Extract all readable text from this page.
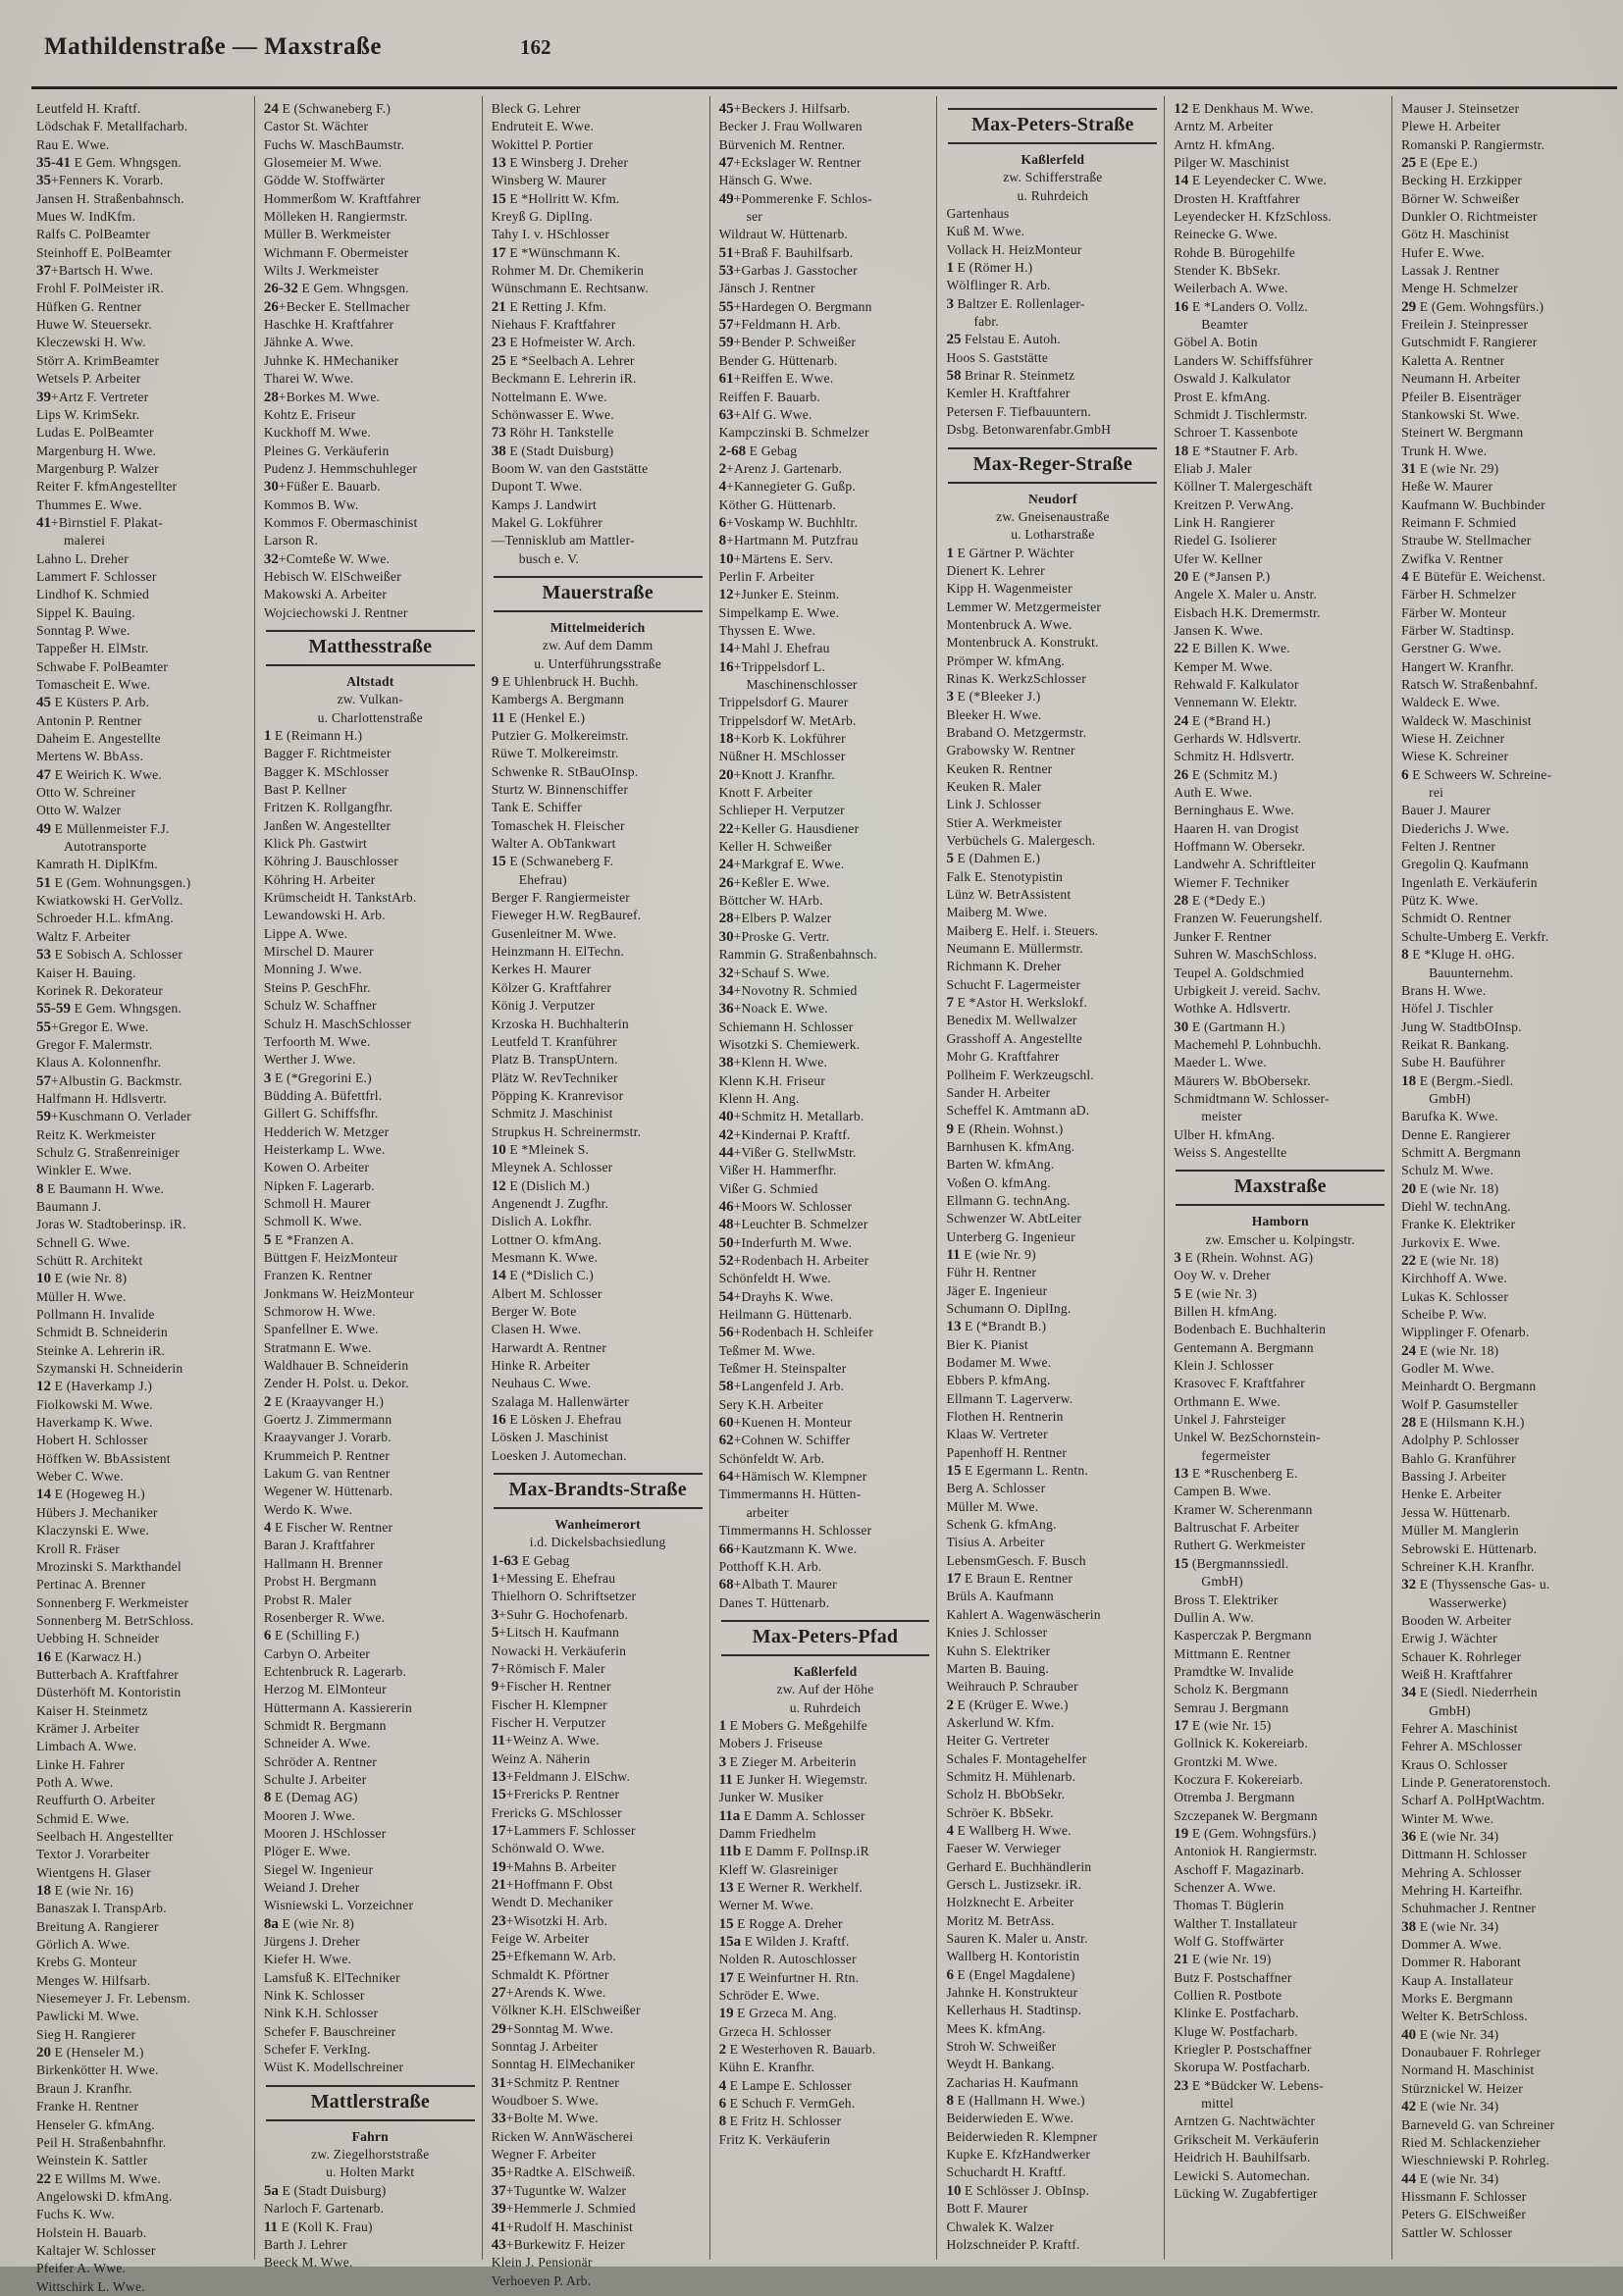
Mathildenstraße — Maxstraße	162
Leutfeld H. Kraftf.
Lödschak F. Metallfacharb.
Rau E. Wwe.
35-41 E Gem. Whngsgen.
35+Fenners K. Vorarb.
Jansen H. Straßenbahnsch.
Mues W. IndKfm.
Ralfs C. PolBeamter
Steinhoff E. PolBeamter
37+Bartsch H. Wwe.
Frohl F. PolMeister iR.
Hüfken G. Rentner
Huwe W. Steuersekr.
Kleczewski H. Ww.
Störr A. KrimBeamter
Wetsels P. Arbeiter
39+Artz F. Vertreter
Lips W. KrimSekr.
Ludas E. PolBeamter
Margenburg H. Wwe.
Margenburg P. Walzer
Reiter F. kfmAngestellter
Thummes E. Wwe.
41+Birnstiel F. Plakat-
malerei
Lahno L. Dreher
Lammert F. Schlosser
Lindhof K. Schmied
Sippel K. Bauing.
Sonntag P. Wwe.
Tappeßer H. ElMstr.
Schwabe F. PolBeamter
Tomascheit E. Wwe.
45 E Küsters P. Arb.
Antonin P. Rentner
Daheim E. Angestellte
Mertens W. BbAss.
47 E Weirich K. Wwe.
Otto W. Schreiner
Otto W. Walzer
49 E Müllenmeister F.J.
Autotransporte
Kamrath H. DiplKfm.
51 E (Gem. Wohnungsgen.)
Kwiatkowski H. GerVollz.
Schroeder H.L. kfmAng.
Waltz F. Arbeiter
53 E Sobisch A. Schlosser
Kaiser H. Bauing.
Korinek R. Dekorateur
55-59 E Gem. Whngsgen.
55+Gregor E. Wwe.
Gregor F. Malermstr.
Klaus A. Kolonnenfhr.
57+Albustin G. Backmstr.
Halfmann H. Hdlsvertr.
59+Kuschmann O. Verlader
Reitz K. Werkmeister
Schulz G. Straßenreiniger
Winkler E. Wwe.
8 E Baumann H. Wwe.
Baumann J.
Joras W. Stadtoberinsp. iR.
Schnell G. Wwe.
Schütt R. Architekt
10 E (wie Nr. 8)
Müller H. Wwe.
Pollmann H. Invalide
Schmidt B. Schneiderin
Steinke A. Lehrerin iR.
Szymanski H. Schneiderin
12 E (Haverkamp J.)
Fiolkowski M. Wwe.
Haverkamp K. Wwe.
Hobert H. Schlosser
Höffken W. BbAssistent
Weber C. Wwe.
14 E (Hogeweg H.)
Hübers J. Mechaniker
Klaczynski E. Wwe.
Kroll R. Fräser
Mrozinski S. Markthandel
Pertinac A. Brenner
Sonnenberg F. Werkmeister
Sonnenberg M. BetrSchloss.
Uebbing H. Schneider
16 E (Karwacz H.)
Butterbach A. Kraftfahrer
Düsterhöft M. Kontoristin
Kaiser H. Steinmetz
Krämer J. Arbeiter
Limbach A. Wwe.
Linke H. Fahrer
Poth A. Wwe.
Reuffurth O. Arbeiter
Schmid E. Wwe.
Seelbach H. Angestellter
Textor J. Vorarbeiter
Wientgens H. Glaser
18 E (wie Nr. 16)
Banaszak I. TranspArb.
Breitung A. Rangierer
Görlich A. Wwe.
Krebs G. Monteur
Menges W. Hilfsarb.
Niesemeyer J. Fr. Lebensm.
Pawlicki M. Wwe.
Sieg H. Rangierer
20 E (Henseler M.)
Birkenkötter H. Wwe.
Braun J. Kranfhr.
Franke H. Rentner
Henseler G. kfmAng.
Peil H. Straßenbahnfhr.
Weinstein K. Sattler
22 E Willms M. Wwe.
Angelowski D. kfmAng.
Fuchs K. Ww.
Holstein H. Bauarb.
Kaltajer W. Schlosser
Pfeifer A. Wwe.
Wittschirk L. Wwe.
24 E (Schwaneberg F.)
Castor St. Wächter
Fuchs W. MaschBaumstr.
Glosemeier M. Wwe.
Gödde W. Stoffwärter
Hommerßom W. Kraftfahrer
Mölleken H. Rangiermstr.
Müller B. Werkmeister
Wichmann F. Obermeister
Wilts J. Werkmeister
26-32 E Gem. Whngsgen.
26+Becker E. Stellmacher
Haschke H. Kraftfahrer
Jähnke A. Wwe.
Juhnke K. HMechaniker
Tharei W. Wwe.
28+Borkes M. Wwe.
Kohtz E. Friseur
Kuckhoff M. Wwe.
Pleines G. Verkäuferin
Pudenz J. Hemmschuhleger
30+Füßer E. Bauarb.
Kommos B. Ww.
Kommos F. Obermaschinist
Larson R.
32+Comteße W. Wwe.
Hebisch W. ElSchweißer
Makowski A. Arbeiter
Wojciechowski J. Rentner
Matthesstraße
Altstadt
zw. Vulkan-
u. Charlottenstraße
1 E (Reimann H.)
Bagger F. Richtmeister
Bagger K. MSchlosser
Bast P. Kellner
Fritzen K. Rollgangfhr.
Janßen W. Angestellter
Klick Ph. Gastwirt
Köhring J. Bauschlosser
Köhring H. Arbeiter
Krümscheidt H. TankstArb.
Lewandowski H. Arb.
Lippe A. Wwe.
Mirschel D. Maurer
Monning J. Wwe.
Steins P. GeschFhr.
Schulz W. Schaffner
Schulz H. MaschSchlosser
Terfoorth M. Wwe.
Werther J. Wwe.
3 E (*Gregorini E.)
Büdding A. Büfettfrl.
Gillert G. Schiffsfhr.
Hedderich W. Metzger
Heisterkamp L. Wwe.
Kowen O. Arbeiter
Nipken F. Lagerarb.
Schmoll H. Maurer
Schmoll K. Wwe.
5 E *Franzen A.
Büttgen F. HeizMonteur
Franzen K. Rentner
Jonkmans W. HeizMonteur
Schmorow H. Wwe.
Spanfellner E. Wwe.
Stratmann E. Wwe.
Waldhauer B. Schneiderin
Zender H. Polst. u. Dekor.
2 E (Kraayvanger H.)
Goertz J. Zimmermann
Kraayvanger J. Vorarb.
Krummeich P. Rentner
Lakum G. van Rentner
Wegener W. Hüttenarb.
Werdo K. Wwe.
4 E Fischer W. Rentner
Baran J. Kraftfahrer
Hallmann H. Brenner
Probst H. Bergmann
Probst R. Maler
Rosenberger R. Wwe.
6 E (Schilling F.)
Carbyn O. Arbeiter
Echtenbruck R. Lagerarb.
Herzog M. ElMonteur
Hüttermann A. Kassiererin
Schmidt R. Bergmann
Schneider A. Wwe.
Schröder A. Rentner
Schulte J. Arbeiter
8 E (Demag AG)
Mooren J. Wwe.
Mooren J. HSchlosser
Plöger E. Wwe.
Siegel W. Ingenieur
Weiand J. Dreher
Wisniewski L. Vorzeichner
8a E (wie Nr. 8)
Jürgens J. Dreher
Kiefer H. Wwe.
Lamsfuß K. ElTechniker
Nink K. Schlosser
Nink K.H. Schlosser
Schefer F. Bauschreiner
Schefer F. VerkIng.
Wüst K. Modellschreiner
Mattlerstraße
Fahrn
zw. Ziegelhorststraße
u. Holten Markt
5a E (Stadt Duisburg)
Narloch F. Gartenarb.
11 E (Koll K. Frau)
Barth J. Lehrer
Beeck M. Wwe.
Bleck G. Lehrer
Endruteit E. Wwe.
Wokittel P. Portier
13 E Winsberg J. Dreher
Winsberg W. Maurer
15 E *Hollritt W. Kfm.
Kreyß G. DiplIng.
Tahy I. v. HSchlosser
17 E *Wünschmann K.
Rohmer M. Dr. Chemikerin
Wünschmann E. Rechtsanw.
21 E Retting J. Kfm.
Niehaus F. Kraftfahrer
23 E Hofmeister W. Arch.
25 E *Seelbach A. Lehrer
Beckmann E. Lehrerin iR.
Nottelmann E. Wwe.
Schönwasser E. Wwe.
73 Röhr H. Tankstelle
38 E (Stadt Duisburg)
Boom W. van den Gaststätte
Dupont T. Wwe.
Kamps J. Landwirt
Makel G. Lokführer
—Tennisklub am Mattler-
busch e. V.
Mauerstraße
Mittelmeiderich
zw. Auf dem Damm
u. Unterführungsstraße
9 E Uhlenbruck H. Buchh.
Kambergs A. Bergmann
11 E (Henkel E.)
Putzier G. Molkereimstr.
Rüwe T. Molkereimstr.
Schwenke R. StBauOInsp.
Sturtz W. Binnenschiffer
Tank E. Schiffer
Tomaschek H. Fleischer
Walter A. ObTankwart
15 E (Schwaneberg F.
Ehefrau)
Berger F. Rangiermeister
Fieweger H.W. RegBauref.
Gusenleitner M. Wwe.
Heinzmann H. ElTechn.
Kerkes H. Maurer
Kölzer G. Kraftfahrer
König J. Verputzer
Krzoska H. Buchhalterin
Leutfeld T. Kranführer
Platz B. TranspUntern.
Plätz W. RevTechniker
Pöpping K. Kranrevisor
Schmitz J. Maschinist
Strupkus H. Schreinermstr.
10 E *Mleinek S.
Mleynek A. Schlosser
12 E (Dislich M.)
Angenendt J. Zugfhr.
Dislich A. Lokfhr.
Lottner O. kfmAng.
Mesmann K. Wwe.
14 E (*Dislich C.)
Albert M. Schlosser
Berger W. Bote
Clasen H. Wwe.
Harwardt A. Rentner
Hinke R. Arbeiter
Neuhaus C. Wwe.
Szalaga M. Hallenwärter
16 E Lösken J. Ehefrau
Lösken J. Maschinist
Loesken J. Automechan.
Max-Brandts-Straße
Wanheimerort
i.d. Dickelsbachsiedlung
1-63 E Gebag
1+Messing E. Ehefrau
Thielhorn O. Schriftsetzer
3+Suhr G. Hochofenarb.
5+Litsch H. Kaufmann
Nowacki H. Verkäuferin
7+Römisch F. Maler
9+Fischer H. Rentner
Fischer H. Klempner
Fischer H. Verputzer
11+Weinz A. Wwe.
Weinz A. Näherin
13+Feldmann J. ElSchw.
15+Frericks P. Rentner
Frericks G. MSchlosser
17+Lammers F. Schlosser
Schönwald O. Wwe.
19+Mahns B. Arbeiter
21+Hoffmann F. Obst
Wendt D. Mechaniker
23+Wisotzki H. Arb.
Feige W. Arbeiter
25+Efkemann W. Arb.
Schmaldt K. Pförtner
27+Arends K. Wwe.
Völkner K.H. ElSchweißer
29+Sonntag M. Wwe.
Sonntag J. Arbeiter
Sonntag H. ElMechaniker
31+Schmitz P. Rentner
Woudboer S. Wwe.
33+Bolte M. Wwe.
Ricken W. AnnWäscherei
Wegner F. Arbeiter
35+Radtke A. ElSchweiß.
37+Tuguntke W. Walzer
39+Hemmerle J. Schmied
41+Rudolf H. Maschinist
43+Burkewitz F. Heizer
Klein J. Pensionär
Verhoeven P. Arb.
45+Beckers J. Hilfsarb.
Becker J. Frau Wollwaren
Bürvenich M. Rentner.
47+Eckslager W. Rentner
Hänsch G. Wwe.
49+Pommerenke F. Schlos-
ser
Wildraut W. Hüttenarb.
51+Braß F. Bauhilfsarb.
53+Garbas J. Gasstocher
Jänsch J. Rentner
55+Hardegen O. Bergmann
57+Feldmann H. Arb.
59+Bender P. Schweißer
Bender G. Hüttenarb.
61+Reiffen E. Wwe.
Reiffen F. Bauarb.
63+Alf G. Wwe.
Kampczinski B. Schmelzer
2-68 E Gebag
2+Arenz J. Gartenarb.
4+Kannegieter G. Gußp.
Köther G. Hüttenarb.
6+Voskamp W. Buchhltr.
8+Hartmann M. Putzfrau
10+Märtens E. Serv.
Perlin F. Arbeiter
12+Junker E. Steinm.
Simpelkamp E. Wwe.
Thyssen E. Wwe.
14+Mahl J. Ehefrau
16+Trippelsdorf L.
Maschinenschlosser
Trippelsdorf G. Maurer
Trippelsdorf W. MetArb.
18+Korb K. Lokführer
Nüßner H. MSchlosser
20+Knott J. Kranfhr.
Knott F. Arbeiter
Schlieper H. Verputzer
22+Keller G. Hausdiener
Keller H. Schweißer
24+Markgraf E. Wwe.
26+Keßler E. Wwe.
Böttcher W. HArb.
28+Elbers P. Walzer
30+Proske G. Vertr.
Rammin G. Straßenbahnsch.
32+Schauf S. Wwe.
34+Novotny R. Schmied
36+Noack E. Wwe.
Schiemann H. Schlosser
Wisotzki S. Chemiewerk.
38+Klenn H. Wwe.
Klenn K.H. Friseur
Klenn H. Ang.
40+Schmitz H. Metallarb.
42+Kindernai P. Kraftf.
44+Vißer G. StellwMstr.
Vißer H. Hammerfhr.
Vißer G. Schmied
46+Moors W. Schlosser
48+Leuchter B. Schmelzer
50+Inderfurth M. Wwe.
52+Rodenbach H. Arbeiter
Schönfeldt H. Wwe.
54+Drayhs K. Wwe.
Heilmann G. Hüttenarb.
56+Rodenbach H. Schleifer
Teßmer M. Wwe.
Teßmer H. Steinspalter
58+Langenfeld J. Arb.
Sery K.H. Arbeiter
60+Kuenen H. Monteur
62+Cohnen W. Schiffer
Schönfeldt W. Arb.
64+Hämisch W. Klempner
Timmermanns H. Hütten-
arbeiter
Timmermanns H. Schlosser
66+Kautzmann K. Wwe.
Potthoff K.H. Arb.
68+Albath T. Maurer
Danes T. Hüttenarb.
Max-Peters-Pfad
Kaßlerfeld
zw. Auf der Höhe
u. Ruhrdeich
1 E Mobers G. Meßgehilfe
Mobers J. Friseuse
3 E Zieger M. Arbeiterin
11 E Junker H. Wiegemstr.
Junker W. Musiker
11a E Damm A. Schlosser
Damm Friedhelm
11b E Damm F. PolInsp.iR
Kleff W. Glasreiniger
13 E Werner R. Werkhelf.
Werner M. Wwe.
15 E Rogge A. Dreher
15a E Wilden J. Kraftf.
Nolden R. Autoschlosser
17 E Weinfurtner H. Rtn.
Schröder E. Wwe.
19 E Grzeca M. Ang.
Grzeca H. Schlosser
2 E Westerhoven R. Bauarb.
Kühn E. Kranfhr.
4 E Lampe E. Schlosser
6 E Schuch F. VermGeh.
8 E Fritz H. Schlosser
Fritz K. Verkäuferin
Max-Peters-Straße
Kaßlerfeld
zw. Schifferstraße
u. Ruhrdeich
Gartenhaus
Kuß M. Wwe.
Vollack H. HeizMonteur
1 E (Römer H.)
Wölflinger R. Arb.
3 Baltzer E. Rollenlager-
fabr.
25 Felstau E. Autoh.
Hoos S. Gaststätte
58 Brinar R. Steinmetz
Kemler H. Kraftfahrer
Petersen F. Tiefbauuntern.
Dsbg. Betonwarenfabr.GmbH
Max-Reger-Straße
Neudorf
zw. Gneisenaustraße
u. Lotharstraße
1 E Gärtner P. Wächter
Dienert K. Lehrer
Kipp H. Wagenmeister
Lemmer W. Metzgermeister
Montenbruck A. Wwe.
Montenbruck A. Konstrukt.
Prömper W. kfmAng.
Rinas K. WerkzSchlosser
3 E (*Bleeker J.)
Bleeker H. Wwe.
Braband O. Metzgermstr.
Grabowsky W. Rentner
Keuken R. Rentner
Keuken R. Maler
Link J. Schlosser
Stier A. Werkmeister
Verbüchels G. Malergesch.
5 E (Dahmen E.)
Falk E. Stenotypistin
Lünz W. BetrAssistent
Maiberg M. Wwe.
Maiberg E. Helf. i. Steuers.
Neumann E. Müllermstr.
Richmann K. Dreher
Schucht F. Lagermeister
7 E *Astor H. Werkslokf.
Benedix M. Wellwalzer
Grasshoff A. Angestellte
Mohr G. Kraftfahrer
Pollheim F. Werkzeugschl.
Sander H. Arbeiter
Scheffel K. Amtmann aD.
9 E (Rhein. Wohnst.)
Barnhusen K. kfmAng.
Barten W. kfmAng.
Voßen O. kfmAng.
Ellmann G. technAng.
Schwenzer W. AbtLeiter
Unterberg G. Ingenieur
11 E (wie Nr. 9)
Führ H. Rentner
Jäger E. Ingenieur
Schumann O. DiplIng.
13 E (*Brandt B.)
Bier K. Pianist
Bodamer M. Wwe.
Ebbers P. kfmAng.
Ellmann T. Lagerverw.
Flothen H. Rentnerin
Klaas W. Vertreter
Papenhoff H. Rentner
15 E Egermann L. Rentn.
Berg A. Schlosser
Müller M. Wwe.
Schenk G. kfmAng.
Tisius A. Arbeiter
LebensmGesch. F. Busch
17 E Braun E. Rentner
Brüls A. Kaufmann
Kahlert A. Wagenwäscherin
Knies J. Schlosser
Kuhn S. Elektriker
Marten B. Bauing.
Weihrauch P. Schrauber
2 E (Krüger E. Wwe.)
Askerlund W. Kfm.
Heiter G. Vertreter
Schales F. Montagehelfer
Schmitz H. Mühlenarb.
Scholz H. BbObSekr.
Schröer K. BbSekr.
4 E Wallberg H. Wwe.
Faeser W. Verwieger
Gerhard E. Buchhändlerin
Gersch L. Justizsekr. iR.
Holzknecht E. Arbeiter
Moritz M. BetrAss.
Sauren K. Maler u. Anstr.
Wallberg H. Kontoristin
6 E (Engel Magdalene)
Jahnke H. Konstrukteur
Kellerhaus H. Stadtinsp.
Mees K. kfmAng.
Stroh W. Schweißer
Weydt H. Bankang.
Zacharias H. Kaufmann
8 E (Hallmann H. Wwe.)
Beiderwieden E. Wwe.
Beiderwieden R. Klempner
Kupke E. KfzHandwerker
Schuchardt H. Kraftf.
10 E Schlösser J. ObInsp.
Bott F. Maurer
Chwalek K. Walzer
Holzschneider P. Kraftf.
12 E Denkhaus M. Wwe.
Arntz M. Arbeiter
Arntz H. kfmAng.
Pilger W. Maschinist
14 E Leyendecker C. Wwe.
Drosten H. Kraftfahrer
Leyendecker H. KfzSchloss.
Reinecke G. Wwe.
Rohde B. Bürogehilfe
Stender K. BbSekr.
Weilerbach A. Wwe.
16 E *Landers O. Vollz.
Beamter
Göbel A. Botin
Landers W. Schiffsführer
Oswald J. Kalkulator
Prost E. kfmAng.
Schmidt J. Tischlermstr.
Schroer T. Kassenbote
18 E *Stautner F. Arb.
Eliab J. Maler
Köllner T. Malergeschäft
Kreitzen P. VerwAng.
Link H. Rangierer
Riedel G. Isolierer
Ufer W. Kellner
20 E (*Jansen P.)
Angele X. Maler u. Anstr.
Eisbach H.K. Dremermstr.
Jansen K. Wwe.
22 E Billen K. Wwe.
Kemper M. Wwe.
Rehwald F. Kalkulator
Vennemann W. Elektr.
24 E (*Brand H.)
Gerhards W. Hdlsvertr.
Schmitz H. Hdlsvertr.
26 E (Schmitz M.)
Auth E. Wwe.
Berninghaus E. Wwe.
Haaren H. van Drogist
Hoffmann W. Obersekr.
Landwehr A. Schriftleiter
Wiemer F. Techniker
28 E (*Dedy E.)
Franzen W. Feuerungshelf.
Junker F. Rentner
Suhren W. MaschSchloss.
Teupel A. Goldschmied
Urbigkeit J. vereid. Sachv.
Wothke A. Hdlsvertr.
30 E (Gartmann H.)
Machemehl P. Lohnbuchh.
Maeder L. Wwe.
Mäurers W. BbObersekr.
Schmidtmann W. Schlosser-
meister
Ulber H. kfmAng.
Weiss S. Angestellte
Maxstraße
Hamborn
zw. Emscher u. Kolpingstr.
3 E (Rhein. Wohnst. AG)
Ooy W. v. Dreher
5 E (wie Nr. 3)
Billen H. kfmAng.
Bodenbach E. Buchhalterin
Gentemann A. Bergmann
Klein J. Schlosser
Krasovec F. Kraftfahrer
Orthmann E. Wwe.
Unkel J. Fahrsteiger
Unkel W. BezSchornstein-
fegermeister
13 E *Ruschenberg E.
Campen B. Wwe.
Kramer W. Scherenmann
Baltruschat F. Arbeiter
Ruthert G. Werkmeister
15 (Bergmannssiedl.
GmbH)
Bross T. Elektriker
Dullin A. Ww.
Kasperczak P. Bergmann
Mittmann E. Rentner
Pramdtke W. Invalide
Scholz K. Bergmann
Semrau J. Bergmann
17 E (wie Nr. 15)
Gollnick K. Kokereiarb.
Grontzki M. Wwe.
Koczura F. Kokereiarb.
Otremba J. Bergmann
Szczepanek W. Bergmann
19 E (Gem. Wohngsfürs.)
Antoniok H. Rangiermstr.
Aschoff F. Magazinarb.
Schenzer A. Wwe.
Thomas T. Büglerin
Walther T. Installateur
Wolf G. Stoffwärter
21 E (wie Nr. 19)
Butz F. Postschaffner
Collien R. Postbote
Klinke E. Postfacharb.
Kluge W. Postfacharb.
Kriegler P. Postschaffner
Skorupa W. Postfacharb.
23 E *Büdcker W. Lebens-
mittel
Arntzen G. Nachtwächter
Grikscheit M. Verkäuferin
Heidrich H. Bauhilfsarb.
Lewicki S. Automechan.
Lücking W. Zugabfertiger
Mauser J. Steinsetzer
Plewe H. Arbeiter
Romanski P. Rangiermstr.
25 E (Epe E.)
Becking H. Erzkipper
Börner W. Schweißer
Dunkler O. Richtmeister
Götz H. Maschinist
Hufer E. Wwe.
Lassak J. Rentner
Menge H. Schmelzer
29 E (Gem. Wohngsfürs.)
Freilein J. Steinpresser
Gutschmidt F. Rangierer
Kaletta A. Rentner
Neumann H. Arbeiter
Pfeiler B. Eisenträger
Stankowski St. Wwe.
Steinert W. Bergmann
Trunk H. Wwe.
31 E (wie Nr. 29)
Heße W. Maurer
Kaufmann W. Buchbinder
Reimann F. Schmied
Straube W. Stellmacher
Zwifka V. Rentner
4 E Bütefür E. Weichenst.
Färber H. Schmelzer
Färber W. Monteur
Färber W. Stadtinsp.
Gerstner G. Wwe.
Hangert W. Kranfhr.
Ratsch W. Straßenbahnf.
Waldeck E. Wwe.
Waldeck W. Maschinist
Wiese H. Zeichner
Wiese K. Schreiner
6 E Schweers W. Schreine-
rei
Bauer J. Maurer
Diederichs J. Wwe.
Felten J. Rentner
Gregolin Q. Kaufmann
Ingenlath E. Verkäuferin
Pütz K. Wwe.
Schmidt O. Rentner
Schulte-Umberg E. Verkfr.
8 E *Kluge H. oHG.
Bauunternehm.
Brans H. Wwe.
Höfel J. Tischler
Jung W. StadtbOInsp.
Reikat R. Bankang.
Sube H. Bauführer
18 E (Bergm.-Siedl.
GmbH)
Barufka K. Wwe.
Denne E. Rangierer
Schmitt A. Bergmann
Schulz M. Wwe.
20 E (wie Nr. 18)
Diehl W. technAng.
Franke K. Elektriker
Jurkovix E. Wwe.
22 E (wie Nr. 18)
Kirchhoff A. Wwe.
Lukas K. Schlosser
Scheibe P. Ww.
Wipplinger F. Ofenarb.
24 E (wie Nr. 18)
Godler M. Wwe.
Meinhardt O. Bergmann
Wolf P. Gasumsteller
28 E (Hilsmann K.H.)
Adolphy P. Schlosser
Bahlo G. Kranführer
Bassing J. Arbeiter
Henke E. Arbeiter
Jessa W. Hüttenarb.
Müller M. Manglerin
Sebrowski E. Hüttenarb.
Schreiner K.H. Kranfhr.
32 E (Thyssensche Gas- u.
Wasserwerke)
Booden W. Arbeiter
Erwig J. Wächter
Schauer K. Rohrleger
Weiß H. Kraftfahrer
34 E (Siedl. Niederrhein
GmbH)
Fehrer A. Maschinist
Fehrer A. MSchlosser
Kraus O. Schlosser
Linde P. Generatorenstoch.
Scharf A. PolHptWachtm.
Winter M. Wwe.
36 E (wie Nr. 34)
Dittmann H. Schlosser
Mehring A. Schlosser
Mehring H. Karteifhr.
Schuhmacher J. Rentner
38 E (wie Nr. 34)
Dommer A. Wwe.
Dommer R. Haborant
Kaup A. Installateur
Morks E. Bergmann
Welter K. BetrSchloss.
40 E (wie Nr. 34)
Donaubauer F. Rohrleger
Normand H. Maschinist
Stürznickel W. Heizer
42 E (wie Nr. 34)
Barneveld G. van Schreiner
Ried M. Schlackenzieher
Wieschniewski P. Rohrleg.
44 E (wie Nr. 34)
Hissmann F. Schlosser
Peters G. ElSchweißer
Sattler W. Schlosser
